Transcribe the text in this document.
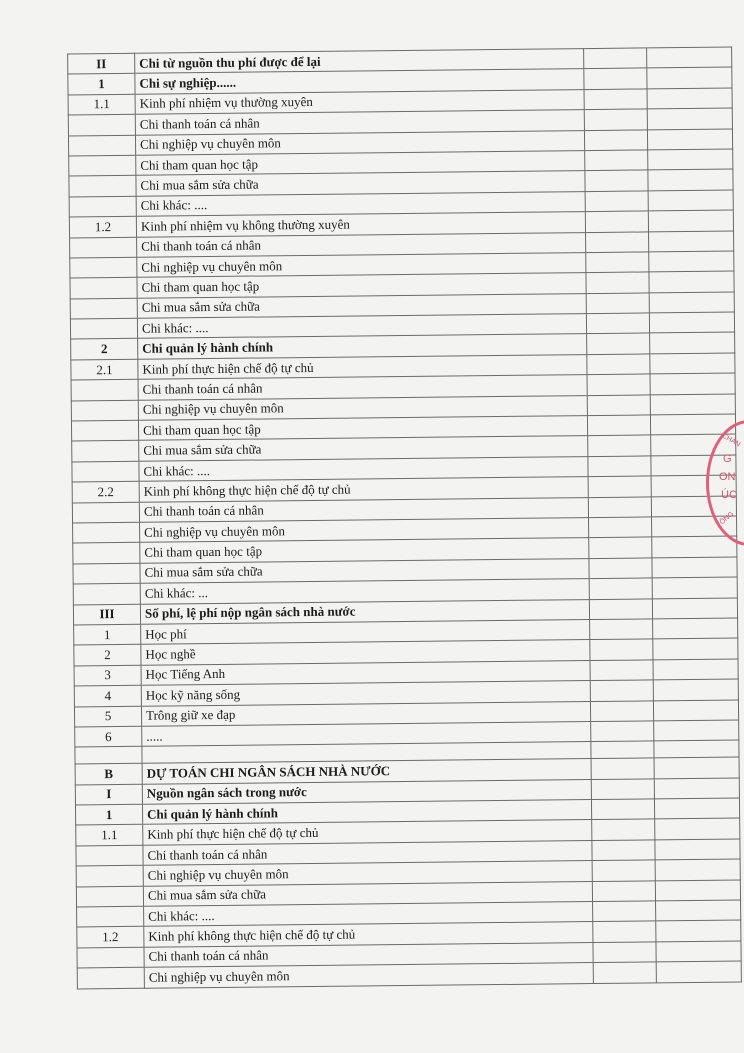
II	Chi từ nguồn thu phí được để lại		
1	Chi sự nghiệp......		
1.1	Kinh phí nhiệm vụ thường xuyên		
	Chi thanh toán cá nhân		
	Chi nghiệp vụ chuyên môn		
	Chi tham quan học tập		
	Chi mua sắm sửa chữa		
	Chi khác: ....		
1.2	Kinh phí nhiệm vụ không thường xuyên		
	Chi thanh toán cá nhân		
	Chi nghiệp vụ chuyên môn		
	Chi tham quan học tập		
	Chi mua sắm sửa chữa		
	Chi khác: ....		
2	Chi quản lý hành chính		
2.1	Kinh phí thực hiện chế độ tự chủ		
	Chi thanh toán cá nhân		
	Chi nghiệp vụ chuyên môn		
	Chi tham quan học tập		
	Chi mua sắm sửa chữa		
	Chi khác: ....		
2.2	Kinh phí không thực hiện chế độ tự chủ		
	Chi thanh toán cá nhân		
	Chi nghiệp vụ chuyên môn		
	Chi tham quan học tập		
	Chi mua sắm sửa chữa		
	Chi khác: ...		
III	Số phí, lệ phí nộp ngân sách nhà nước		
1	Học phí		
2	Học nghề		
3	Học Tiếng Anh		
4	Học kỹ năng sống		
5	Trông giữ xe đạp		
6	.....		

B	DỰ TOÁN CHI NGÂN SÁCH NHÀ NƯỚC		
I	Nguồn ngân sách trong nước		
1	Chi quản lý hành chính		
1.1	Kinh phí thực hiện chế độ tự chủ		
	Chi thanh toán cá nhân		
	Chi nghiệp vụ chuyên môn		
	Chi mua sắm sửa chữa		
	Chi khác: ....		
1.2	Kinh phí không thực hiện chế độ tự chủ		
	Chi thanh toán cá nhân		
	Chi nghiệp vụ chuyên môn		
CHÂN
G
ON
ÚC
ÔNG
